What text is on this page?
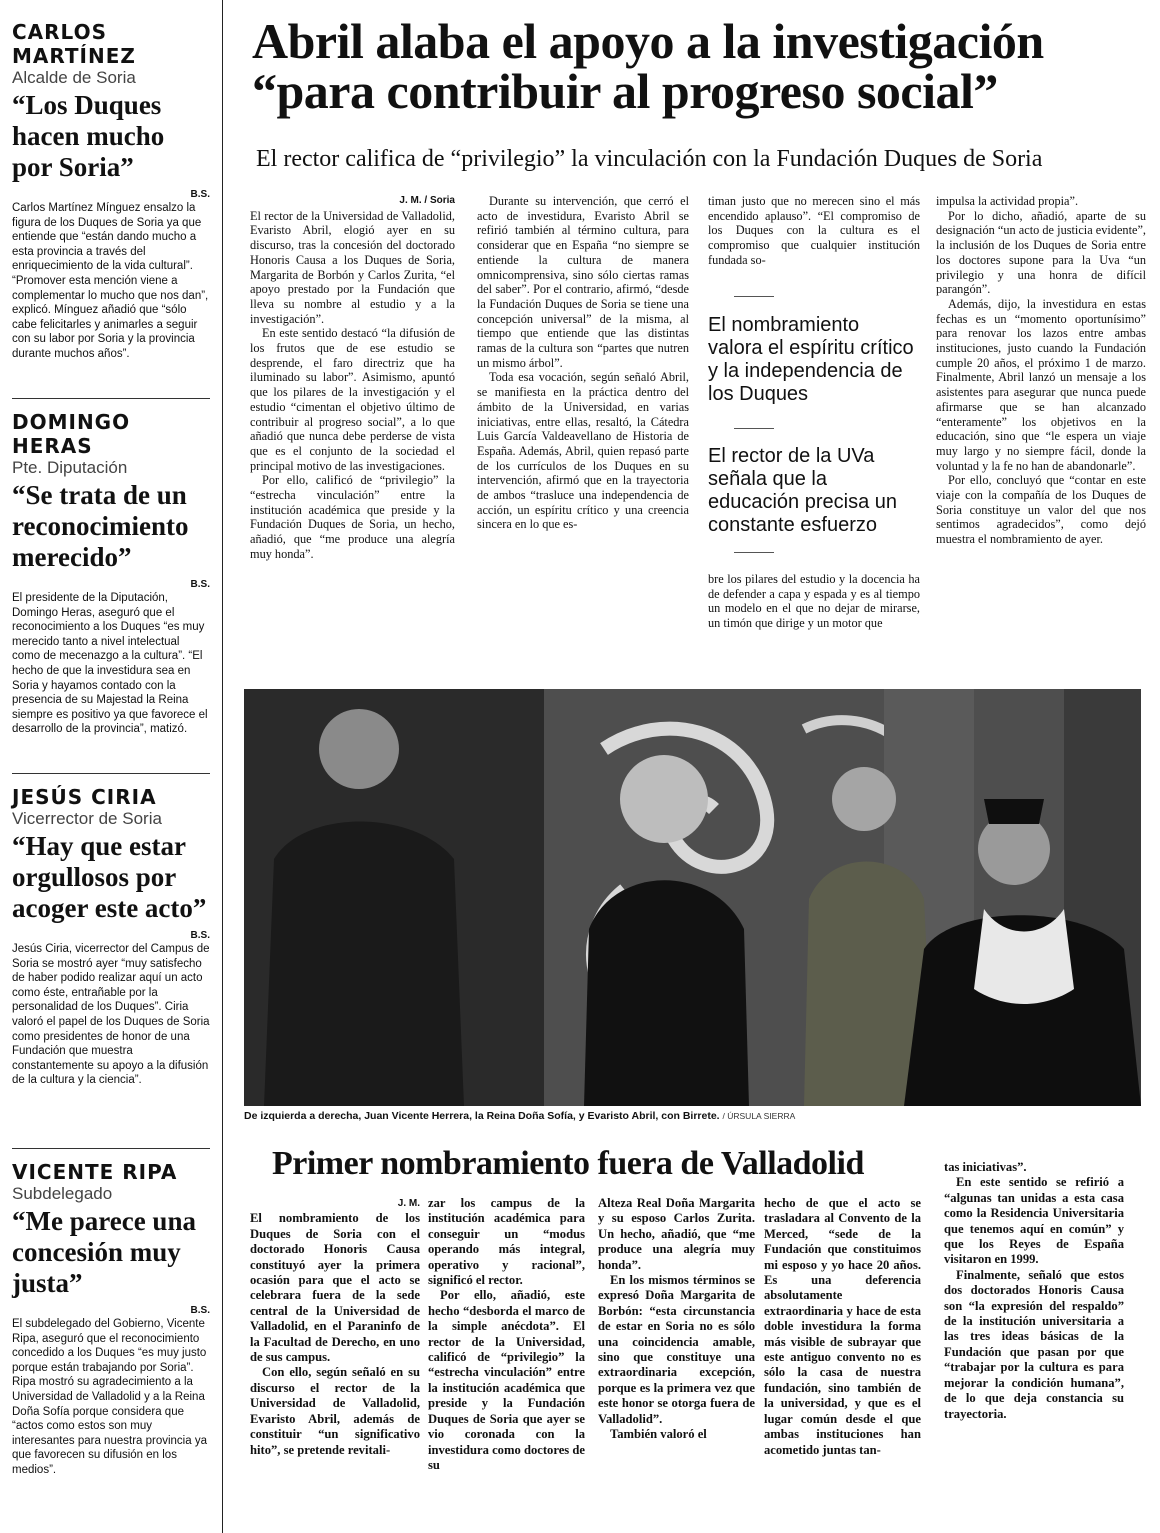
CARLOS MARTÍNEZ

Alcalde de Soria

“Los Duques hacen mucho por Soria”

B.S.

Carlos Martínez Mínguez ensalzo la figura de los Duques de Soria ya que entiende que “están dando mucho a esta provincia a través del enriquecimiento de la vida cultural”. “Promover esta mención viene a complementar lo mucho que nos dan”, explicó. Mínguez añadió que “sólo cabe felicitarles y animarles a seguir con su labor por Soria y la provincia durante muchos años”.

DOMINGO HERAS

Pte. Diputación

“Se trata de un reconocimiento merecido”

B.S.

El presidente de la Diputación, Domingo Heras, aseguró que el reconocimiento a los Duques “es muy merecido tanto a nivel intelectual como de mecenazgo a la cultura”. “El hecho de que la investidura sea en Soria y hayamos contado con la presencia de su Majestad la Reina siempre es positivo ya que favorece el desarrollo de la provincia”, matizó.

JESÚS CIRIA

Vicerrector de Soria

“Hay que estar orgullosos por acoger este acto”

B.S.

Jesús Ciria, vicerrector del Campus de Soria se mostró ayer “muy satisfecho de haber podido realizar aquí un acto como éste, entrañable por la personalidad de los Duques”. Ciria valoró el papel de los Duques de Soria como presidentes de honor de una Fundación que muestra constantemente su apoyo a la difusión de la cultura y la ciencia”.

VICENTE RIPA

Subdelegado

“Me parece una concesión muy justa”

B.S.

El subdelegado del Gobierno, Vicente Ripa, aseguró que el reconocimiento concedido a los Duques “es muy justo porque están trabajando por Soria”. Ripa mostró su agradecimiento a la Universidad de Valladolid y a la Reina Doña Sofía porque considera que “actos como estos son muy interesantes para nuestra provincia ya que favorecen su difusión en los medios”.

Abril alaba el apoyo a la investigación
“para contribuir al progreso social”

El rector califica de “privilegio” la vinculación con la Fundación Duques de Soria

J. M. / Soria

El rector de la Universidad de Valladolid, Evaristo Abril, elogió ayer en su discurso, tras la concesión del doctorado Honoris Causa a los Duques de Soria, Margarita de Borbón y Carlos Zurita, “el apoyo prestado por la Fundación que lleva su nombre al estudio y a la investigación”.

En este sentido destacó “la difusión de los frutos que de ese estudio se desprende, el faro directriz que ha iluminado su labor”. Asimismo, apuntó que los pilares de la investigación y el estudio “cimentan el objetivo último de contribuir al progreso social”, a lo que añadió que nunca debe perderse de vista que es el conjunto de la sociedad el principal motivo de las investigaciones.

Por ello, calificó de “privilegio” la “estrecha vinculación” entre la institución académica que preside y la Fundación Duques de Soria, un hecho, añadió, que “me produce una alegría muy honda”.

Durante su intervención, que cerró el acto de investidura, Evaristo Abril se refirió también al término cultura, para considerar que en España “no siempre se entiende la cultura de manera omnicomprensiva, sino sólo ciertas ramas del saber”. Por el contrario, afirmó, “desde la Fundación Duques de Soria se tiene una concepción universal” de la misma, al tiempo que entiende que las distintas ramas de la cultura son “partes que nutren un mismo árbol”.

Toda esa vocación, según señaló Abril, se manifiesta en la práctica dentro del ámbito de la Universidad, en varias iniciativas, entre ellas, resaltó, la Cátedra Luis García Valdeavellano de Historia de España. Además, Abril, quien repasó parte de los currículos de los Duques en su intervención, afirmó que en la trayectoria de ambos “trasluce una independencia de acción, un espíritu crítico y una creencia sincera en lo que es-

timan justo que no merecen sino el más encendido aplauso”. “El compromiso de los Duques con la cultura es el compromiso que cualquier institución fundada so-

El nombramiento valora el espíritu crítico y la independencia de los Duques

El rector de la UVa señala que la educación precisa un constante esfuerzo

bre los pilares del estudio y la docencia ha de defender a capa y espada y es al tiempo un modelo en el que no dejar de mirarse, un timón que dirige y un motor que

impulsa la actividad propia”.

Por lo dicho, añadió, aparte de su designación “un acto de justicia evidente”, la inclusión de los Duques de Soria entre los doctores supone para la Uva “un privilegio y una honra de difícil parangón”.

Además, dijo, la investidura en estas fechas es un “momento oportunísimo” para renovar los lazos entre ambas instituciones, justo cuando la Fundación cumple 20 años, el próximo 1 de marzo. Finalmente, Abril lanzó un mensaje a los asistentes para asegurar que nunca puede afirmarse que se han alcanzado “enteramente” los objetivos en la educación, sino que “le espera un viaje muy largo y no siempre fácil, donde la voluntad y la fe no han de abandonarle”.

Por ello, concluyó que “contar en este viaje con la compañía de los Duques de Soria constituye un valor del que nos sentimos agradecidos”, como dejó muestra el nombramiento de ayer.

De izquierda a derecha, Juan Vicente Herrera, la Reina Doña Sofía, y Evaristo Abril, con Birrete. / ÚRSULA SIERRA

Primer nombramiento fuera de Valladolid

J. M.

El nombramiento de los Duques de Soria con el doctorado Honoris Causa constituyó ayer la primera ocasión para que el acto se celebrara fuera de la sede central de la Universidad de Valladolid, en el Paraninfo de la Facultad de Derecho, en uno de sus campus.

Con ello, según señaló en su discurso el rector de la Universidad de Valladolid, Evaristo Abril, además de constituir “un significativo hito”, se pretende revitali-

zar los campus de la institución académica para conseguir un “modus operando más integral, operativo y racional”, significó el rector.

Por ello, añadió, este hecho “desborda el marco de la simple anécdota”. El rector de la Universidad, calificó de “privilegio” la “estrecha vinculación” entre la institución académica que preside y la Fundación Duques de Soria que ayer se vio coronada con la investidura como doctores de su

Alteza Real Doña Margarita y su esposo Carlos Zurita. Un hecho, añadió, que “me produce una alegría muy honda”.

En los mismos términos se expresó Doña Margarita de Borbón: “esta circunstancia de estar en Soria no es sólo una coincidencia amable, sino que constituye una extraordinaria excepción, porque es la primera vez que este honor se otorga fuera de Valladolid”.

También valoró el

hecho de que el acto se trasladara al Convento de la Merced, “sede de la Fundación que constituimos mi esposo y yo hace 20 años. Es una deferencia absolutamente extraordinaria y hace de esta doble investidura la forma más visible de subrayar que este antiguo convento no es sólo la casa de nuestra fundación, sino también de la universidad, y que es el lugar común desde el que ambas instituciones han acometido juntas tan-

tas iniciativas”.

En este sentido se refirió a “algunas tan unidas a esta casa como la Residencia Universitaria que tenemos aquí en común” y que los Reyes de España visitaron en 1999.

Finalmente, señaló que estos dos doctorados Honoris Causa son “la expresión del respaldo” de la institución universitaria a las tres ideas básicas de la Fundación que pasan por que “trabajar por la cultura es para mejorar la condición humana”, de lo que deja constancia su trayectoria.
